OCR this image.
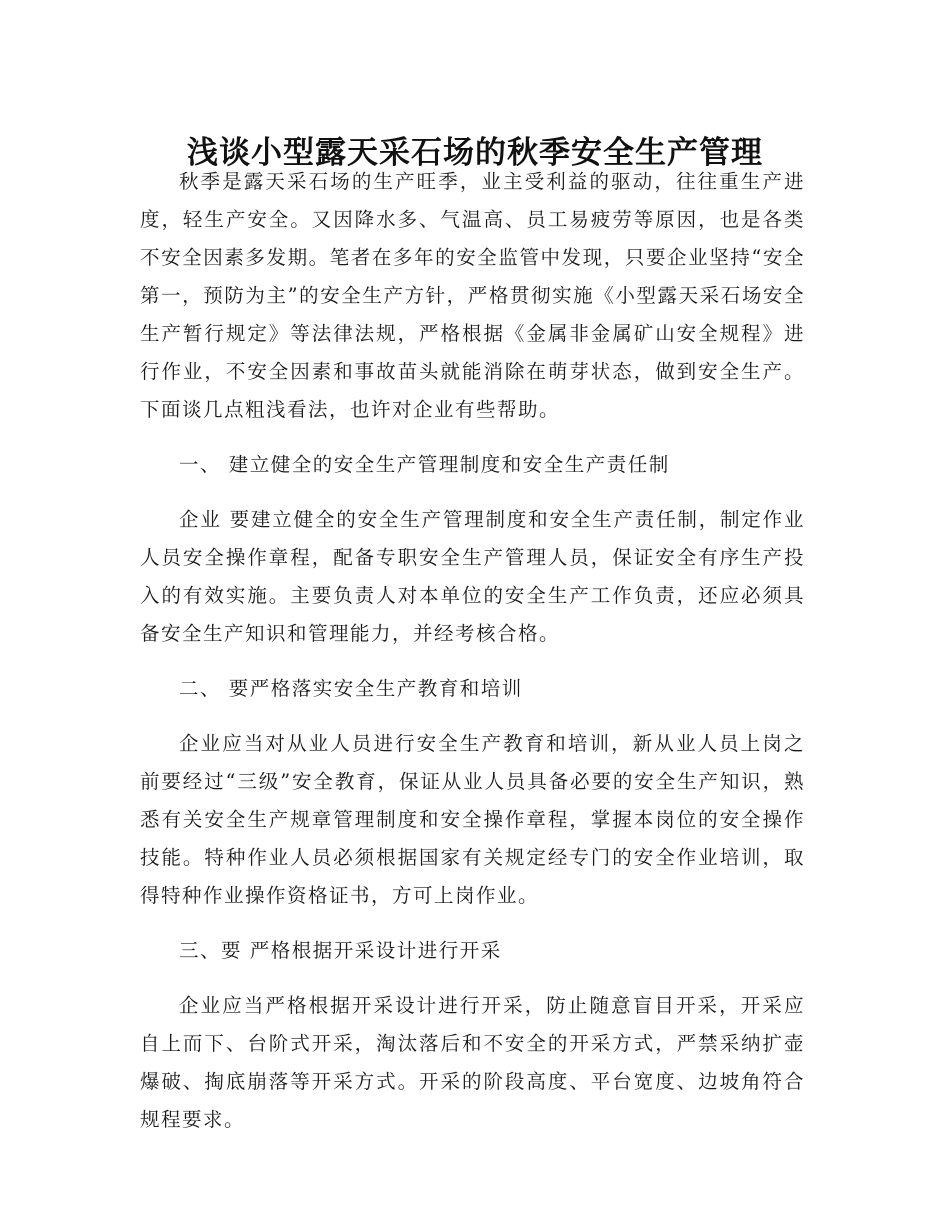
浅谈小型露天采石场的秋季安全生产管理

秋季是露天采石场的生产旺季，业主受利益的驱动，往往重生产进度，轻生产安全。又因降水多、气温高、员工易疲劳等原因，也是各类不安全因素多发期。笔者在多年的安全监管中发现，只要企业坚持“安全第一，预防为主”的安全生产方针，严格贯彻实施《小型露天采石场安全生产暂行规定》等法律法规，严格根据《金属非金属矿山安全规程》进行作业，不安全因素和事故苗头就能消除在萌芽状态，做到安全生产。下面谈几点粗浅看法，也许对企业有些帮助。

一、 建立健全的安全生产管理制度和安全生产责任制

企业 要建立健全的安全生产管理制度和安全生产责任制，制定作业人员安全操作章程，配备专职安全生产管理人员，保证安全有序生产投入的有效实施。主要负责人对本单位的安全生产工作负责，还应必须具备安全生产知识和管理能力，并经考核合格。

二、 要严格落实安全生产教育和培训

企业应当对从业人员进行安全生产教育和培训，新从业人员上岗之前要经过“三级”安全教育，保证从业人员具备必要的安全生产知识，熟悉有关安全生产规章管理制度和安全操作章程，掌握本岗位的安全操作技能。特种作业人员必须根据国家有关规定经专门的安全作业培训，取得特种作业操作资格证书，方可上岗作业。

三、要 严格根据开采设计进行开采

企业应当严格根据开采设计进行开采，防止随意盲目开采，开采应 自上而下、台阶式开采，淘汰落后和不安全的开采方式，严禁采纳扩壶爆破、掏底崩落等开采方式。开采的阶段高度、平台宽度、边坡角符合规程要求。
